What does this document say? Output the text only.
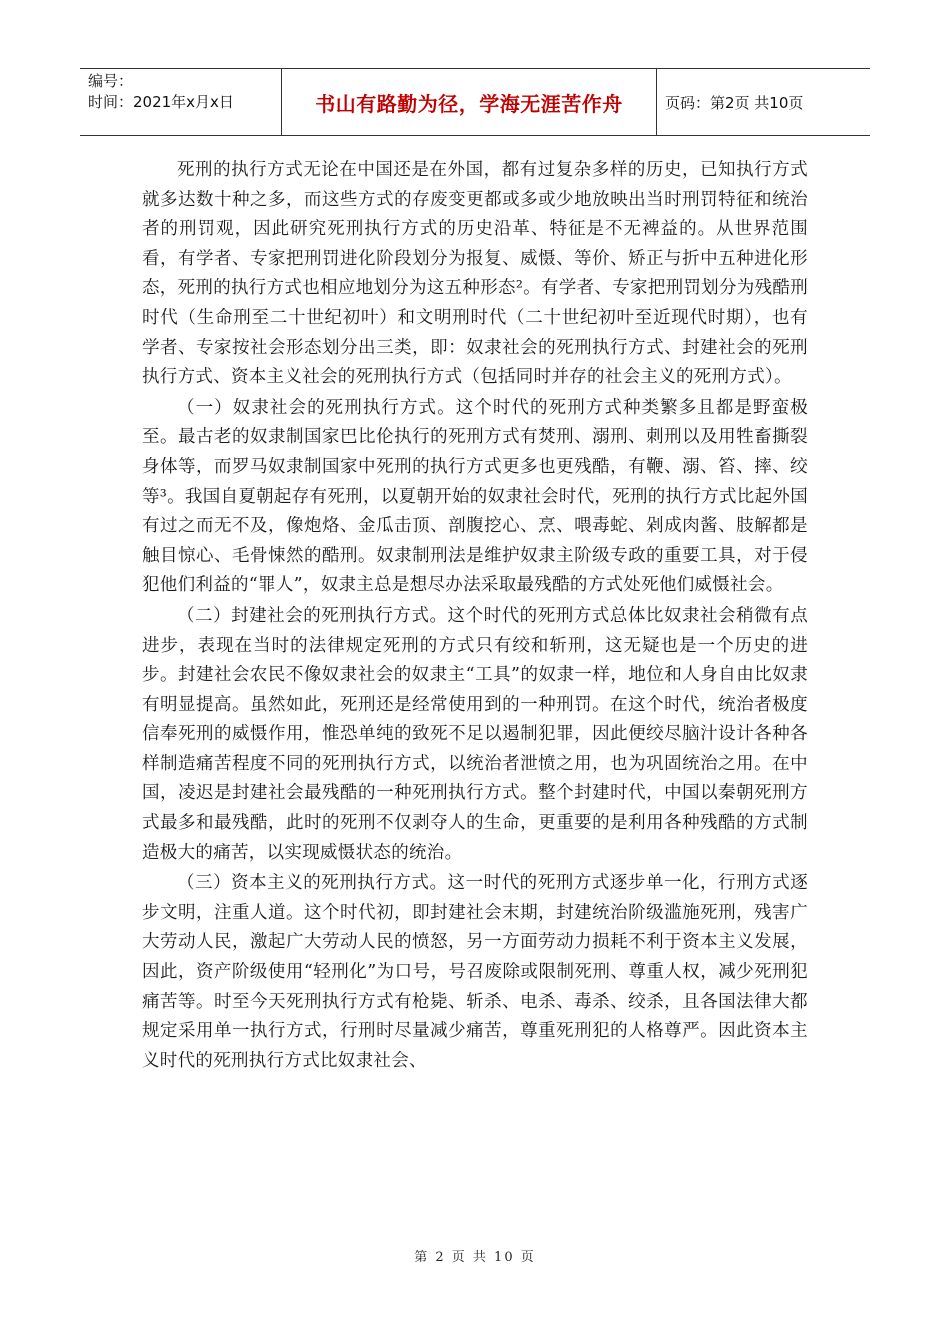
编号：
时间：2021年x月x日	书山有路勤为径，学海无涯苦作舟	页码：第2页 共10页

死刑的执行方式无论在中国还是在外国，都有过复杂多样的历史，已知执行方式就多达数十种之多，而这些方式的存废变更都或多或少地放映出当时刑罚特征和统治者的刑罚观，因此研究死刑执行方式的历史沿革、特征是不无裨益的。从世界范围看，有学者、专家把刑罚进化阶段划分为报复、威慑、等价、矫正与折中五种进化形态，死刑的执行方式也相应地划分为这五种形态²。有学者、专家把刑罚划分为残酷刑时代（生命刑至二十世纪初叶）和文明刑时代（二十世纪初叶至近现代时期），也有学者、专家按社会形态划分出三类，即：奴隶社会的死刑执行方式、封建社会的死刑执行方式、资本主义社会的死刑执行方式（包括同时并存的社会主义的死刑方式）。

（一）奴隶社会的死刑执行方式。这个时代的死刑方式种类繁多且都是野蛮极至。最古老的奴隶制国家巴比伦执行的死刑方式有焚刑、溺刑、刺刑以及用牲畜撕裂身体等，而罗马奴隶制国家中死刑的执行方式更多也更残酷，有鞭、溺、笞、摔、绞等³。我国自夏朝起存有死刑，以夏朝开始的奴隶社会时代，死刑的执行方式比起外国有过之而无不及，像炮烙、金瓜击顶、剖腹挖心、烹、喂毒蛇、剁成肉酱、肢解都是触目惊心、毛骨悚然的酷刑。奴隶制刑法是维护奴隶主阶级专政的重要工具，对于侵犯他们利益的“罪人”，奴隶主总是想尽办法采取最残酷的方式处死他们威慑社会。

（二）封建社会的死刑执行方式。这个时代的死刑方式总体比奴隶社会稍微有点进步，表现在当时的法律规定死刑的方式只有绞和斩刑，这无疑也是一个历史的进步。封建社会农民不像奴隶社会的奴隶主“工具”的奴隶一样，地位和人身自由比奴隶有明显提高。虽然如此，死刑还是经常使用到的一种刑罚。在这个时代，统治者极度信奉死刑的威慑作用，惟恐单纯的致死不足以遏制犯罪，因此便绞尽脑汁设计各种各样制造痛苦程度不同的死刑执行方式，以统治者泄愤之用，也为巩固统治之用。在中国，凌迟是封建社会最残酷的一种死刑执行方式。整个封建时代，中国以秦朝死刑方式最多和最残酷，此时的死刑不仅剥夺人的生命，更重要的是利用各种残酷的方式制造极大的痛苦，以实现威慑状态的统治。

（三）资本主义的死刑执行方式。这一时代的死刑方式逐步单一化，行刑方式逐步文明，注重人道。这个时代初，即封建社会末期，封建统治阶级滥施死刑，残害广大劳动人民，激起广大劳动人民的愤怒，另一方面劳动力损耗不利于资本主义发展，因此，资产阶级使用“轻刑化”为口号，号召废除或限制死刑、尊重人权，减少死刑犯痛苦等。时至今天死刑执行方式有枪毙、斩杀、电杀、毒杀、绞杀，且各国法律大都规定采用单一执行方式，行刑时尽量减少痛苦，尊重死刑犯的人格尊严。因此资本主义时代的死刑执行方式比奴隶社会、

第 2 页 共 10 页
